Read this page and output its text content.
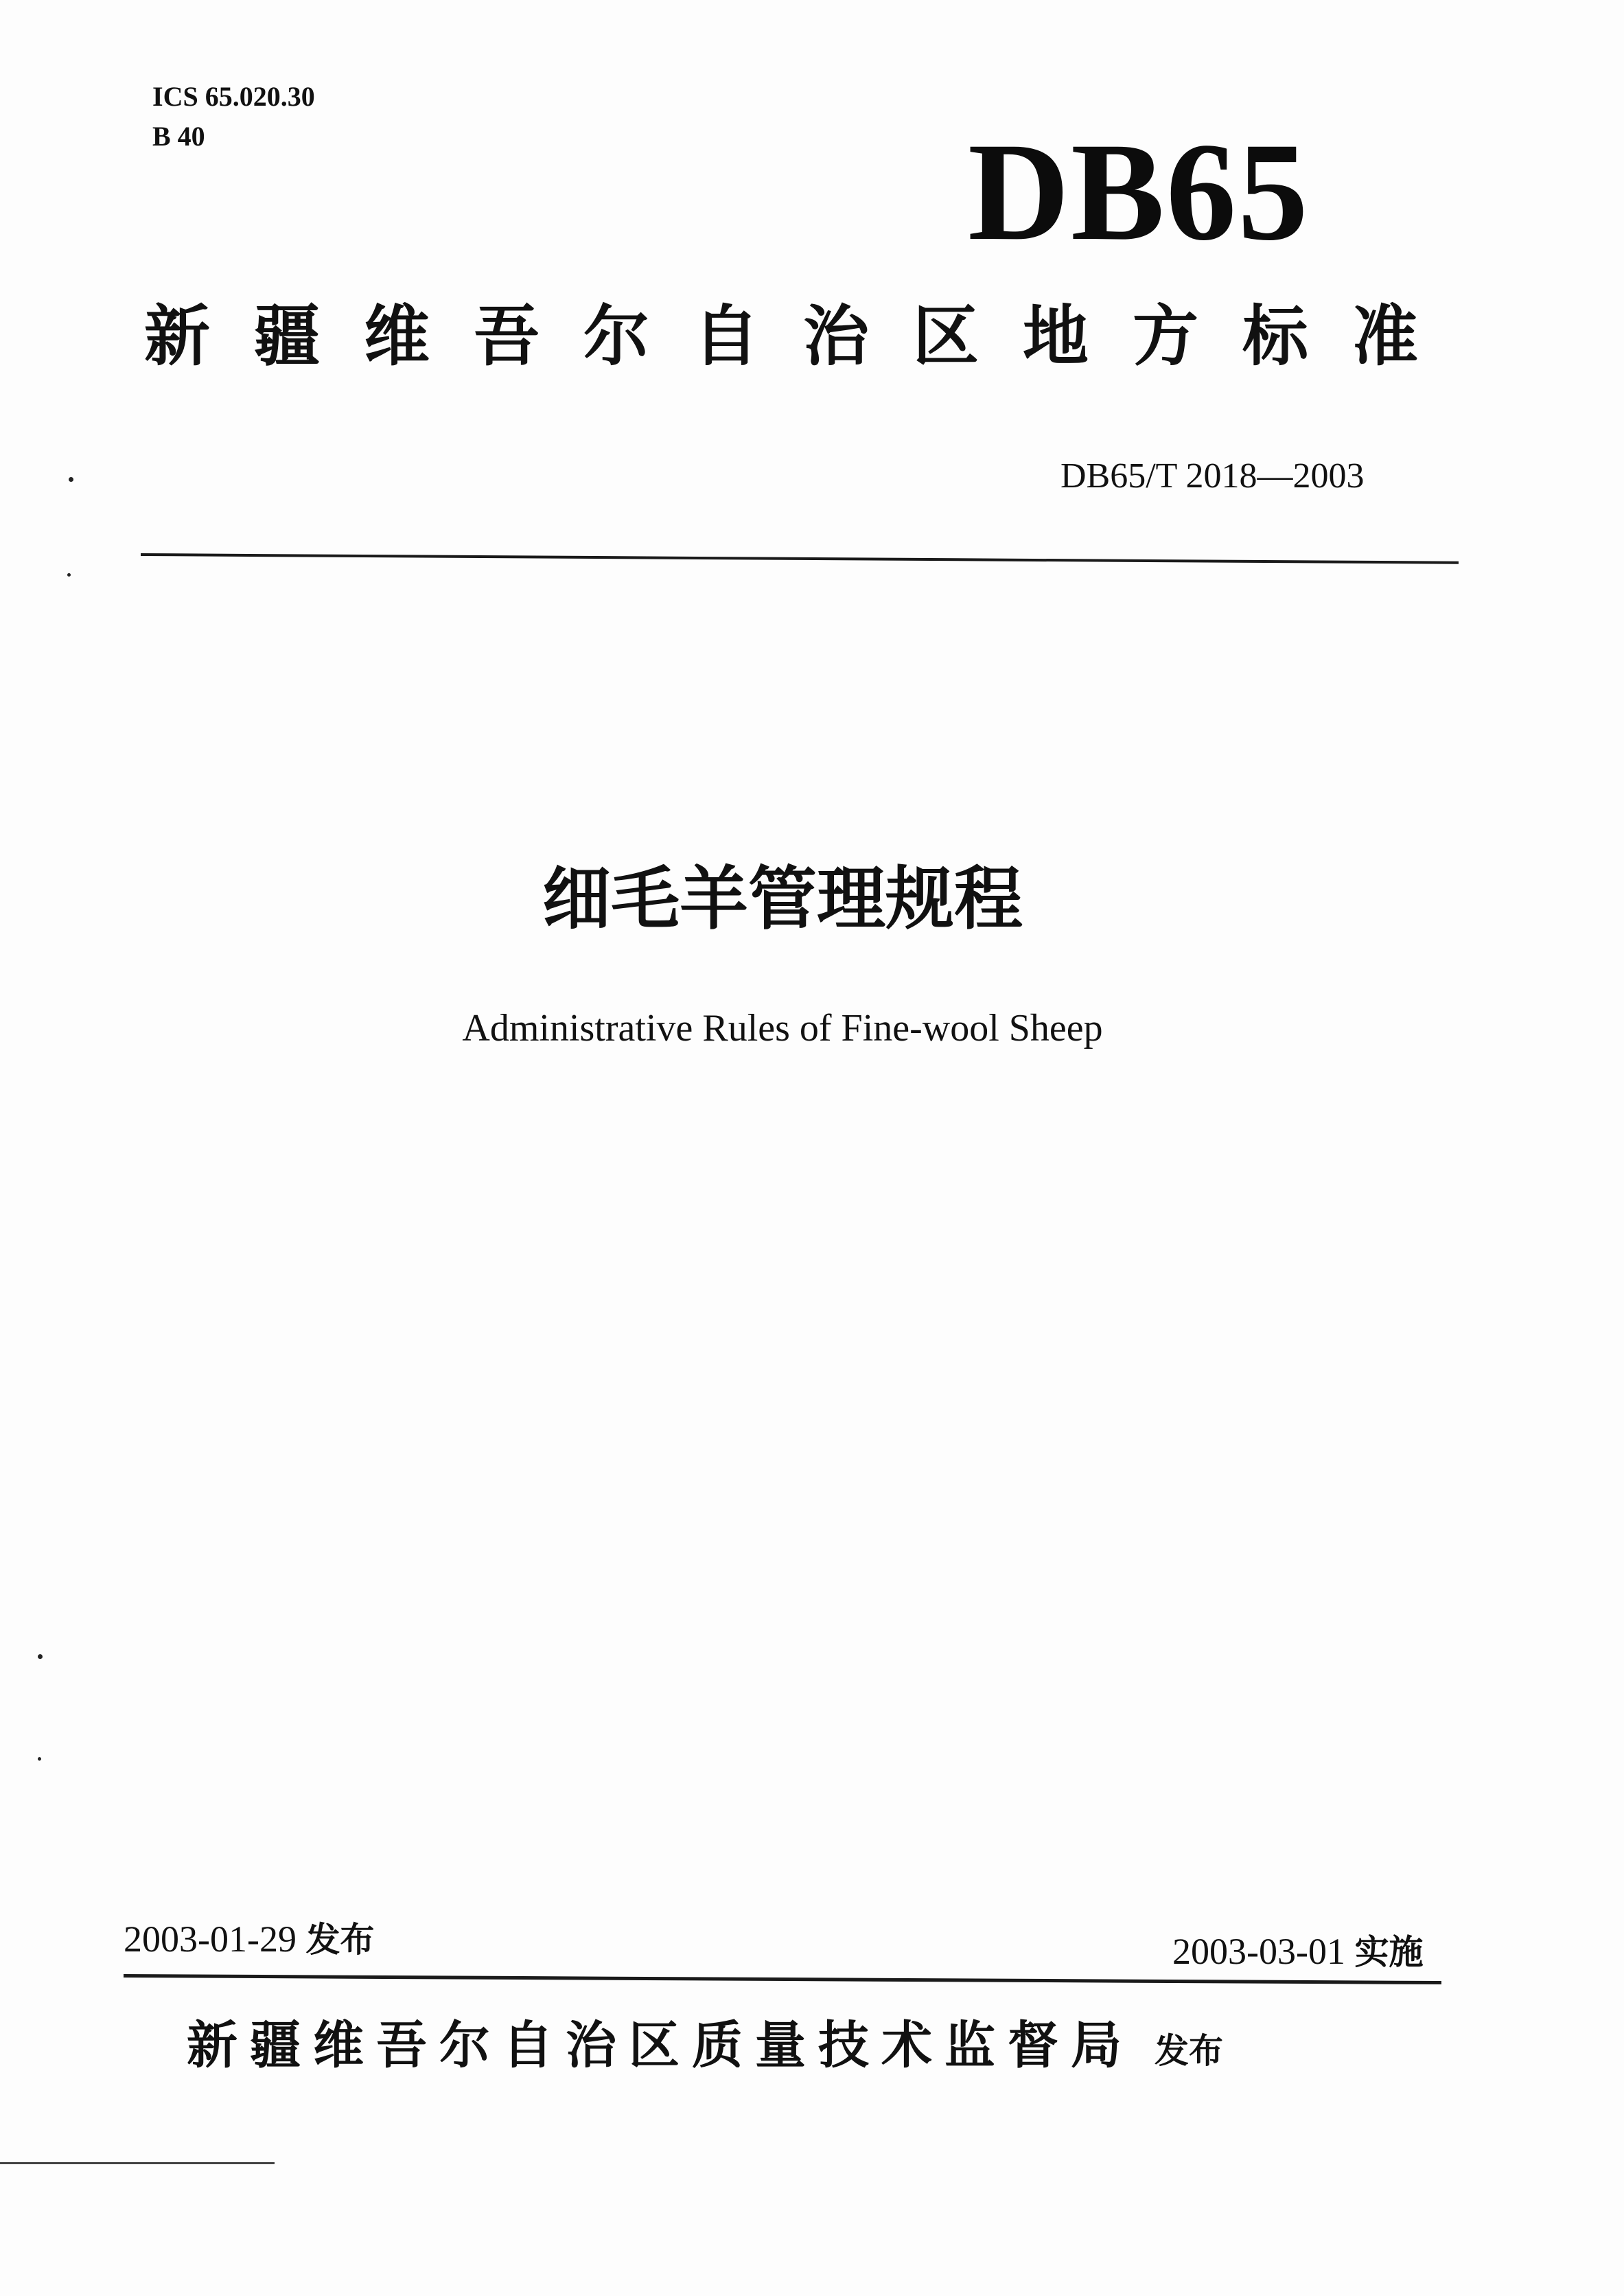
ICS 65.020.30
B 40	DB65
新疆维吾尔自治区地方标准
DB65/T 2018—2003
细毛羊管理规程
Administrative Rules of Fine-wool Sheep
2003-01-29 发布	2003-03-01 实施
新疆维吾尔自治区质量技术监督局 发布
